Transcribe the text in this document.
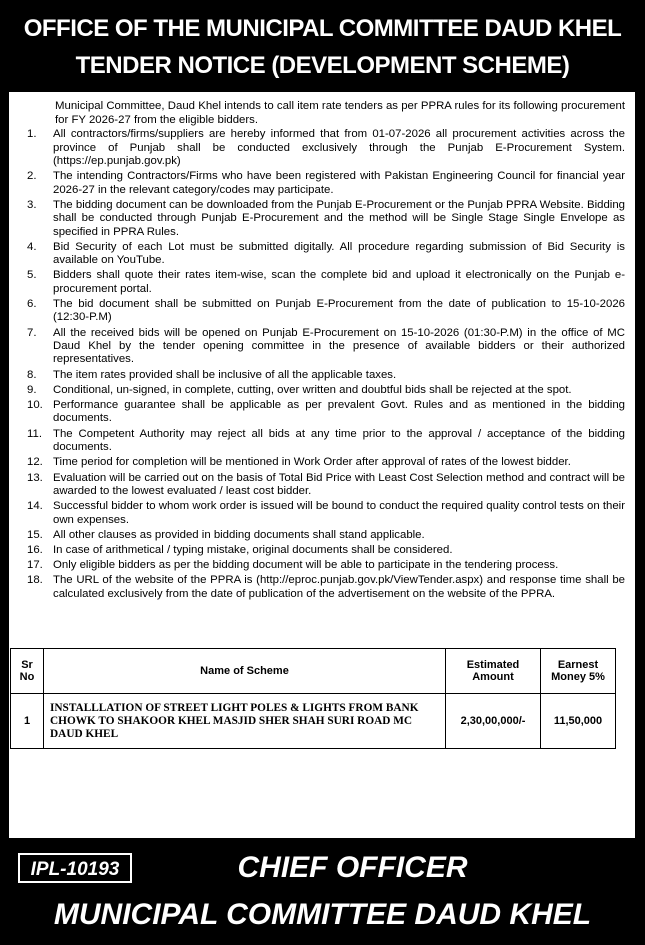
OFFICE OF THE MUNICIPAL COMMITTEE DAUD KHEL
TENDER NOTICE (DEVELOPMENT SCHEME)
Municipal Committee, Daud Khel intends to call item rate tenders as per PPRA rules for its following procurement for FY 2026-27 from the eligible bidders.
1.	All contractors/firms/suppliers are hereby informed that from 01-07-2026 all procurement activities across the province of Punjab shall be conducted exclusively through the Punjab E-Procurement System. (https://ep.punjab.gov.pk)
2.	The intending Contractors/Firms who have been registered with Pakistan Engineering Council for financial year 2026-27 in the relevant category/codes may participate.
3.	The bidding document can be downloaded from the Punjab E-Procurement or the Punjab PPRA Website. Bidding shall be conducted through Punjab E-Procurement and the method will be Single Stage Single Envelope as specified in PPRA Rules.
4.	Bid Security of each Lot must be submitted digitally. All procedure regarding submission of Bid Security is available on YouTube.
5.	Bidders shall quote their rates item-wise, scan the complete bid and upload it electronically on the Punjab e-procurement portal.
6.	The bid document shall be submitted on Punjab E-Procurement from the date of publication to 15-10-2026 (12:30-P.M)
7.	All the received bids will be opened on Punjab E-Procurement on 15-10-2026 (01:30-P.M) in the office of MC Daud Khel by the tender opening committee in the presence of available bidders or their authorized representatives.
8.	The item rates provided shall be inclusive of all the applicable taxes.
9.	Conditional, un-signed, in complete, cutting, over written and doubtful bids shall be rejected at the spot.
10. Performance guarantee shall be applicable as per prevalent Govt. Rules and as mentioned in the bidding documents.
11. The Competent Authority may reject all bids at any time prior to the approval / acceptance of the bidding documents.
12. Time period for completion will be mentioned in Work Order after approval of rates of the lowest bidder.
13. Evaluation will be carried out on the basis of Total Bid Price with Least Cost Selection method and contract will be awarded to the lowest evaluated / least cost bidder.
14. Successful bidder to whom work order is issued will be bound to conduct the required quality control tests on their own expenses.
15. All other clauses as provided in bidding documents shall stand applicable.
16. In case of arithmetical / typing mistake, original documents shall be considered.
17. Only eligible bidders as per the bidding document will be able to participate in the tendering process.
18. The URL of the website of the PPRA is (http://eproc.punjab.gov.pk/ViewTender.aspx) and response time shall be calculated exclusively from the date of publication of the advertisement on the website of the PPRA.
Sr No	Name of Scheme	Estimated Amount	Earnest Money 5%
1	INSTALLLATION OF STREET LIGHT POLES & LIGHTS FROM BANK CHOWK TO SHAKOOR KHEL MASJID SHER SHAH SURI ROAD MC DAUD KHEL	2,30,00,000/-	11,50,000
IPL-10193	CHIEF OFFICER
MUNICIPAL COMMITTEE DAUD KHEL
